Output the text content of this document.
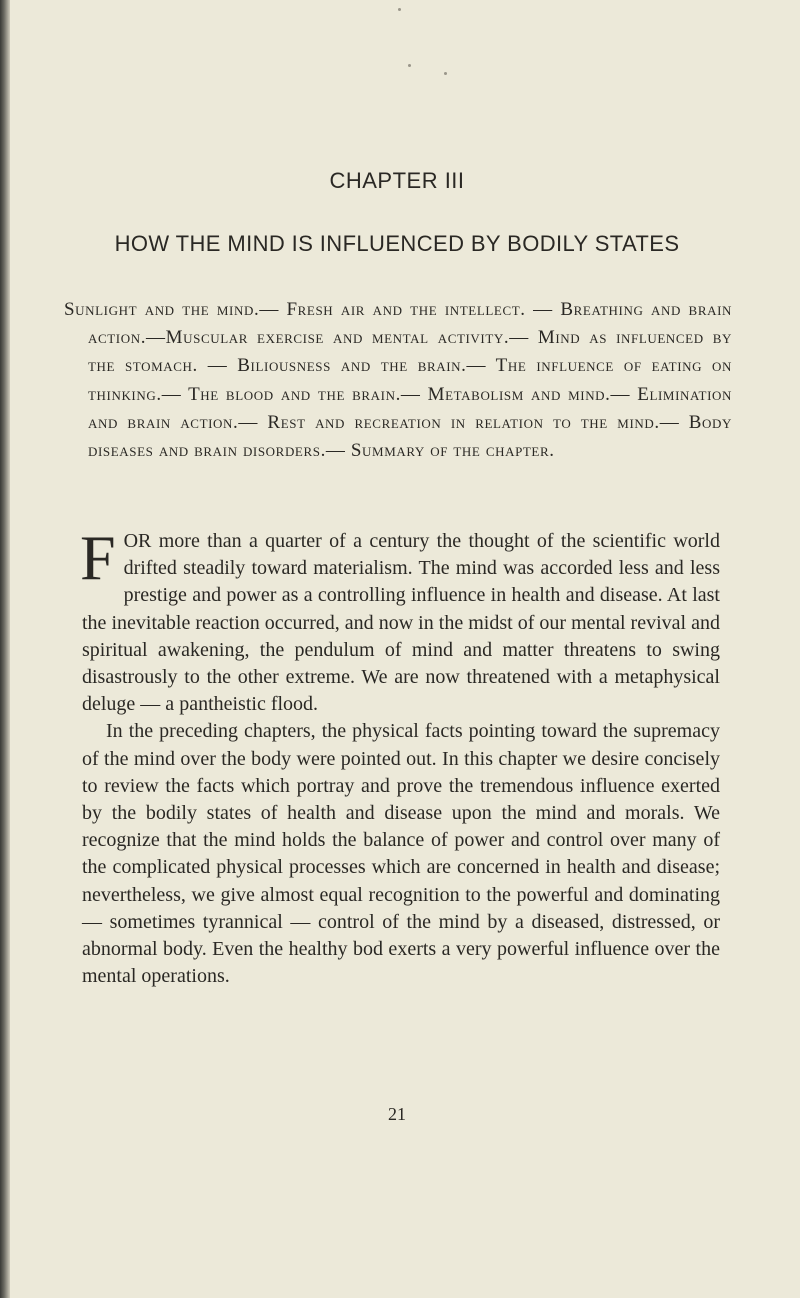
CHAPTER III
HOW THE MIND IS INFLUENCED BY BODILY STATES

Sunlight and the mind.— Fresh air and the intellect. — Breathing and brain action.—Muscular exercise and mental activity.— Mind as influenced by the stomach. — Biliousness and the brain.— The influence of eating on thinking.— The blood and the brain.— Metabolism and mind.— Elimination and brain action.— Rest and recreation in relation to the mind.— Body diseases and brain disorders.— Summary of the chapter.

FOR more than a quarter of a century the thought of the scientific world drifted steadily toward materialism. The mind was accorded less and less prestige and power as a controlling influence in health and disease. At last the inevitable reaction occurred, and now in the midst of our mental revival and spiritual awakening, the pendulum of mind and matter threatens to swing disastrously to the other extreme. We are now threatened with a metaphysical deluge — a pantheistic flood.

In the preceding chapters, the physical facts pointing toward the supremacy of the mind over the body were pointed out. In this chapter we desire concisely to review the facts which portray and prove the tremendous influence exerted by the bodily states of health and disease upon the mind and morals. We recognize that the mind holds the balance of power and control over many of the complicated physical processes which are concerned in health and disease; nevertheless, we give almost equal recognition to the powerful and dominating — sometimes tyrannical — control of the mind by a diseased, distressed, or abnormal body. Even the healthy bod exerts a very powerful influence over the mental operations.

21
